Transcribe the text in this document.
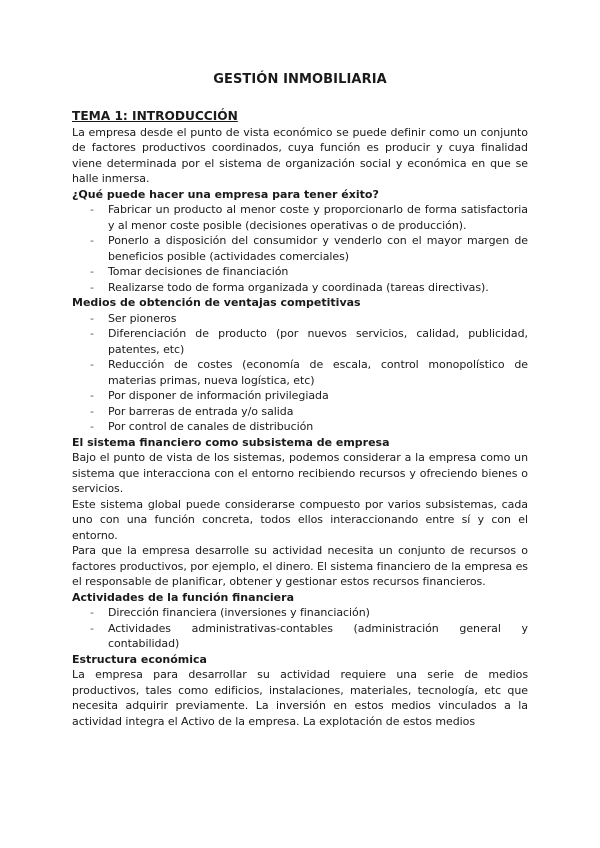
GESTIÓN INMOBILIARIA
TEMA 1: INTRODUCCIÓN

La empresa desde el punto de vista económico se puede definir como un conjunto de factores productivos coordinados, cuya función es producir y cuya finalidad viene determinada por el sistema de organización social y económica en que se halle inmersa.

¿Qué puede hacer una empresa para tener éxito?
- Fabricar un producto al menor coste y proporcionarlo de forma satisfactoria y al menor coste posible (decisiones operativas o de producción).
- Ponerlo a disposición del consumidor y venderlo con el mayor margen de beneficios posible (actividades comerciales)
- Tomar decisiones de financiación
- Realizarse todo de forma organizada y coordinada (tareas directivas).
Medios de obtención de ventajas competitivas
- Ser pioneros
- Diferenciación de producto (por nuevos servicios, calidad, publicidad, patentes, etc)
- Reducción de costes (economía de escala, control monopolístico de materias primas, nueva logística, etc)
- Por disponer de información privilegiada
- Por barreras de entrada y/o salida
- Por control de canales de distribución
El sistema financiero como subsistema de empresa

Bajo el punto de vista de los sistemas, podemos considerar a la empresa como un sistema que interacciona con el entorno recibiendo recursos y ofreciendo bienes o servicios.

Este sistema global puede considerarse compuesto por varios subsistemas, cada uno con una función concreta, todos ellos interaccionando entre sí y con el entorno.

Para que la empresa desarrolle su actividad necesita un conjunto de recursos o factores productivos, por ejemplo, el dinero. El sistema financiero de la empresa es el responsable de planificar, obtener y gestionar estos recursos financieros.

Actividades de la función financiera
- Dirección financiera (inversiones y financiación)
- Actividades administrativas-contables (administración general y contabilidad)
Estructura económica

La empresa para desarrollar su actividad requiere una serie de medios productivos, tales como edificios, instalaciones, materiales, tecnología, etc que necesita adquirir previamente. La inversión en estos medios vinculados a la actividad integra el Activo de la empresa. La explotación de estos medios
